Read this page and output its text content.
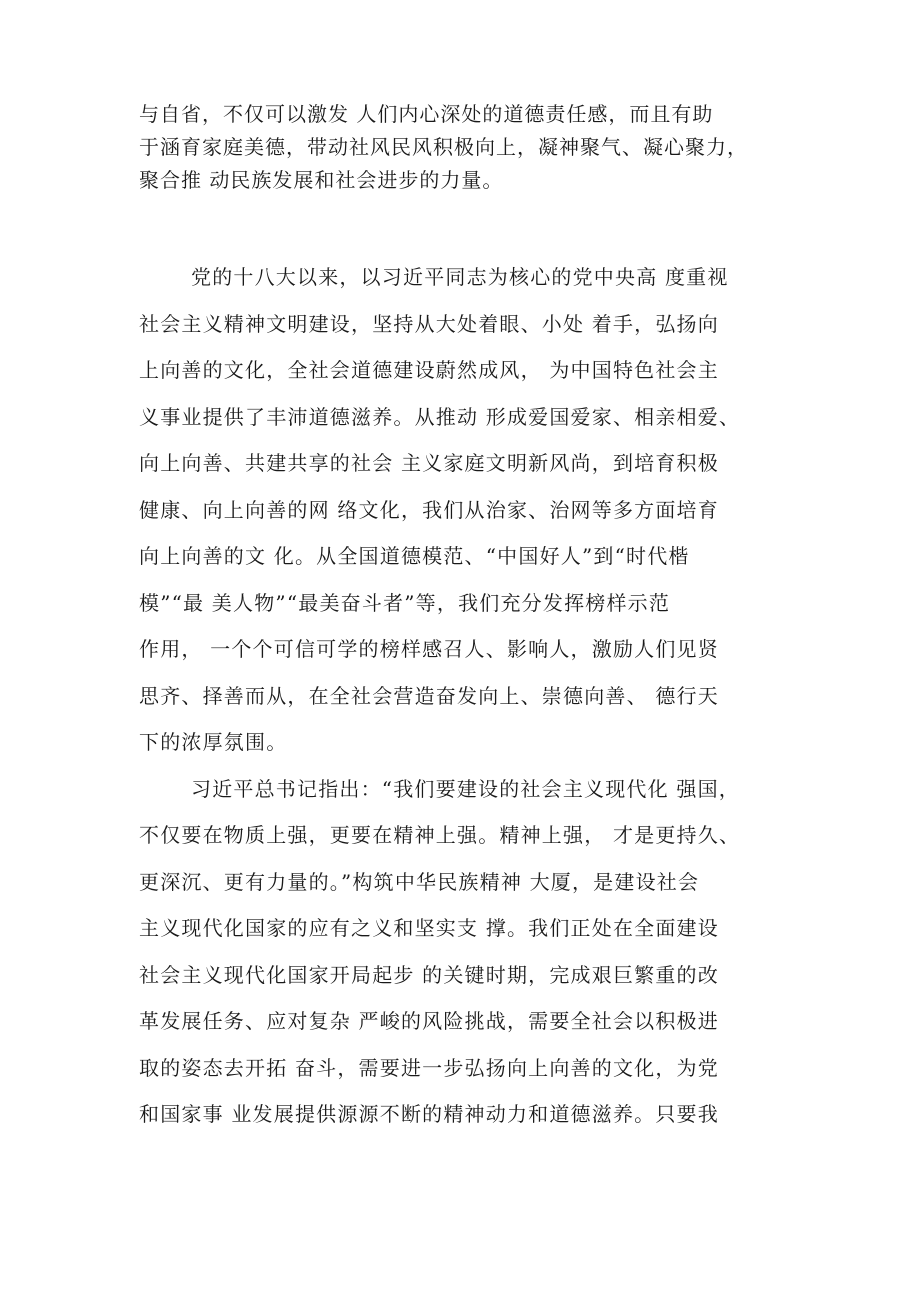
与自省，不仅可以激发 人们内心深处的道德责任感，而且有助
于涵育家庭美德，带动社风民风积极向上，凝神聚气、凝心聚力，
聚合推 动民族发展和社会进步的力量。
党的十八大以来，以习近平同志为核心的党中央高 度重视
社会主义精神文明建设，坚持从大处着眼、小处 着手，弘扬向
上向善的文化，全社会道德建设蔚然成风， 为中国特色社会主
义事业提供了丰沛道德滋养。从推动 形成爱国爱家、相亲相爱、
向上向善、共建共享的社会 主义家庭文明新风尚，到培育积极
健康、向上向善的网 络文化，我们从治家、治网等多方面培育
向上向善的文 化。从全国道德模范、“中国好人”到“时代楷
模”“最 美人物”“最美奋斗者”等，我们充分发挥榜样示范
作用， 一个个可信可学的榜样感召人、影响人，激励人们见贤
思齐、择善而从，在全社会营造奋发向上、崇德向善、 德行天
下的浓厚氛围。
习近平总书记指出：“我们要建设的社会主义现代化 强国，
不仅要在物质上强，更要在精神上强。精神上强， 才是更持久、
更深沉、更有力量的。”构筑中华民族精神 大厦，是建设社会
主义现代化国家的应有之义和坚实支 撑。我们正处在全面建设
社会主义现代化国家开局起步 的关键时期，完成艰巨繁重的改
革发展任务、应对复杂 严峻的风险挑战，需要全社会以积极进
取的姿态去开拓 奋斗，需要进一步弘扬向上向善的文化，为党
和国家事 业发展提供源源不断的精神动力和道德滋养。只要我
